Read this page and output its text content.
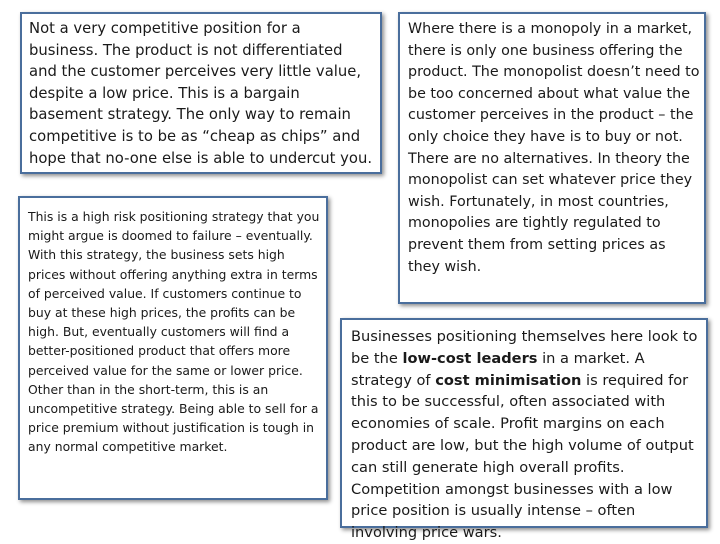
Not a very competitive position for a business. The product is not differentiated and the customer perceives very little value, despite a low price. This is a bargain basement strategy. The only way to remain competitive is to be as “cheap as chips” and hope that no-one else is able to undercut you.

This is a high risk positioning strategy that you might argue is doomed to failure – eventually. With this strategy, the business sets high prices without offering anything extra in terms of perceived value. If customers continue to buy at these high prices, the profits can be high. But, eventually customers will find a better-positioned product that offers more perceived value for the same or lower price. Other than in the short-term, this is an uncompetitive strategy. Being able to sell for a price premium without justification is tough in any normal competitive market.

Where there is a monopoly in a market, there is only one business offering the product. The monopolist doesn’t need to be too concerned about what value the customer perceives in the product – the only choice they have is to buy or not. There are no alternatives. In theory the monopolist can set whatever price they wish. Fortunately, in most countries, monopolies are tightly regulated to prevent them from setting prices as they wish.

Businesses positioning themselves here look to be the low-cost leaders in a market. A strategy of cost minimisation is required for this to be successful, often associated with economies of scale. Profit margins on each product are low, but the high volume of output can still generate high overall profits. Competition amongst businesses with a low price position is usually intense – often involving price wars.
